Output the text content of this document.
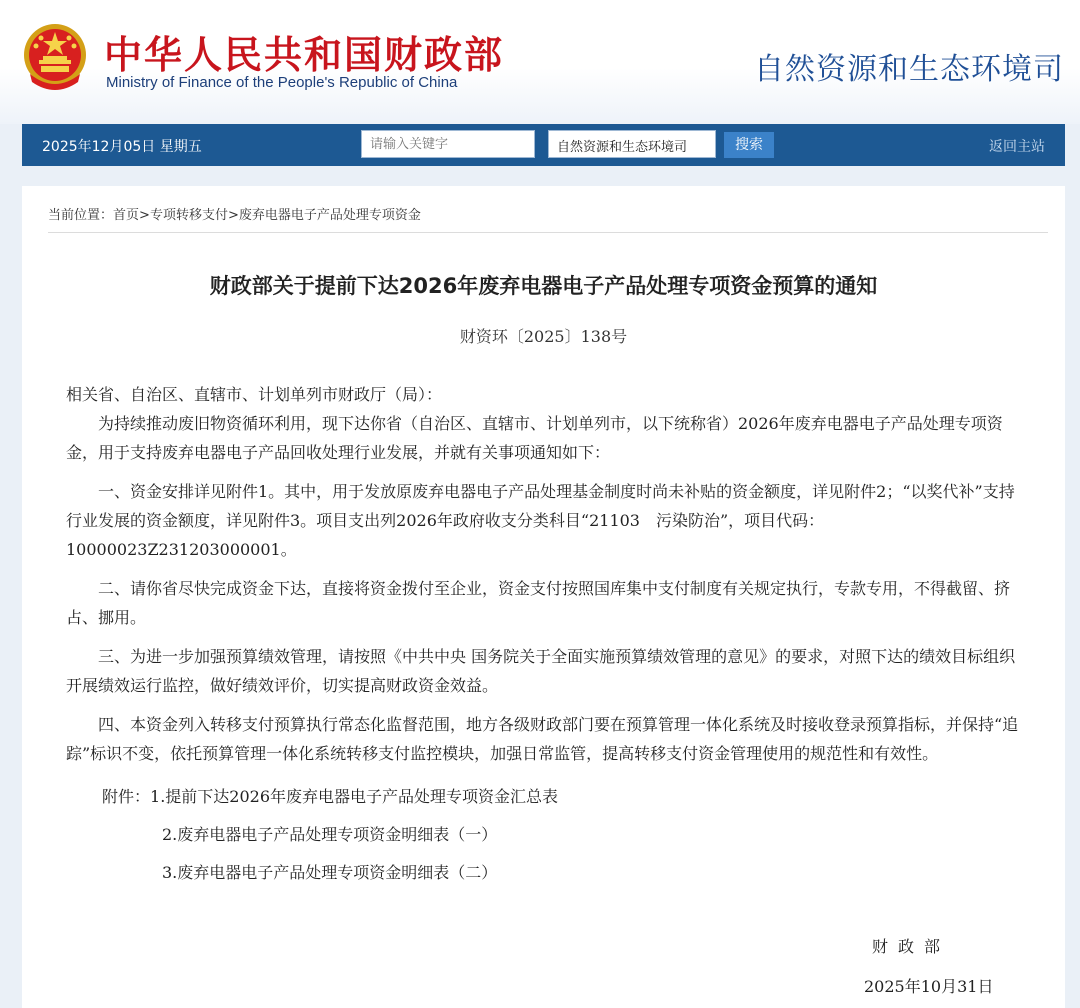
中华人民共和国财政部
Ministry of Finance of the People's Republic of China	自然资源和生态环境司
2025年12月05日 星期五
请输入关键字	自然资源和生态环境司	搜索	返回主站
当前位置：首页>专项转移支付>废弃电器电子产品处理专项资金
财政部关于提前下达2026年废弃电器电子产品处理专项资金预算的通知
财资环〔2025〕138号

相关省、自治区、直辖市、计划单列市财政厅（局）：

为持续推动废旧物资循环利用，现下达你省（自治区、直辖市、计划单列市，以下统称省）2026年废弃电器电子产品处理专项资金，用于支持废弃电器电子产品回收处理行业发展，并就有关事项通知如下：

一、资金安排详见附件1。其中，用于发放原废弃电器电子产品处理基金制度时尚未补贴的资金额度，详见附件2；“以奖代补”支持行业发展的资金额度，详见附件3。项目支出列2026年政府收支分类科目“21103　污染防治”，项目代码：10000023Z231203000001。

二、请你省尽快完成资金下达，直接将资金拨付至企业，资金支付按照国库集中支付制度有关规定执行，专款专用，不得截留、挤占、挪用。

三、为进一步加强预算绩效管理，请按照《中共中央 国务院关于全面实施预算绩效管理的意见》的要求，对照下达的绩效目标组织开展绩效运行监控，做好绩效评价，切实提高财政资金效益。

四、本资金列入转移支付预算执行常态化监督范围，地方各级财政部门要在预算管理一体化系统及时接收登录预算指标，并保持“追踪”标识不变，依托预算管理一体化系统转移支付监控模块，加强日常监管，提高转移支付资金管理使用的规范性和有效性。

附件：1.提前下达2026年废弃电器电子产品处理专项资金汇总表
2.废弃电器电子产品处理专项资金明细表（一）
3.废弃电器电子产品处理专项资金明细表（二）
财政部
2025年10月31日
